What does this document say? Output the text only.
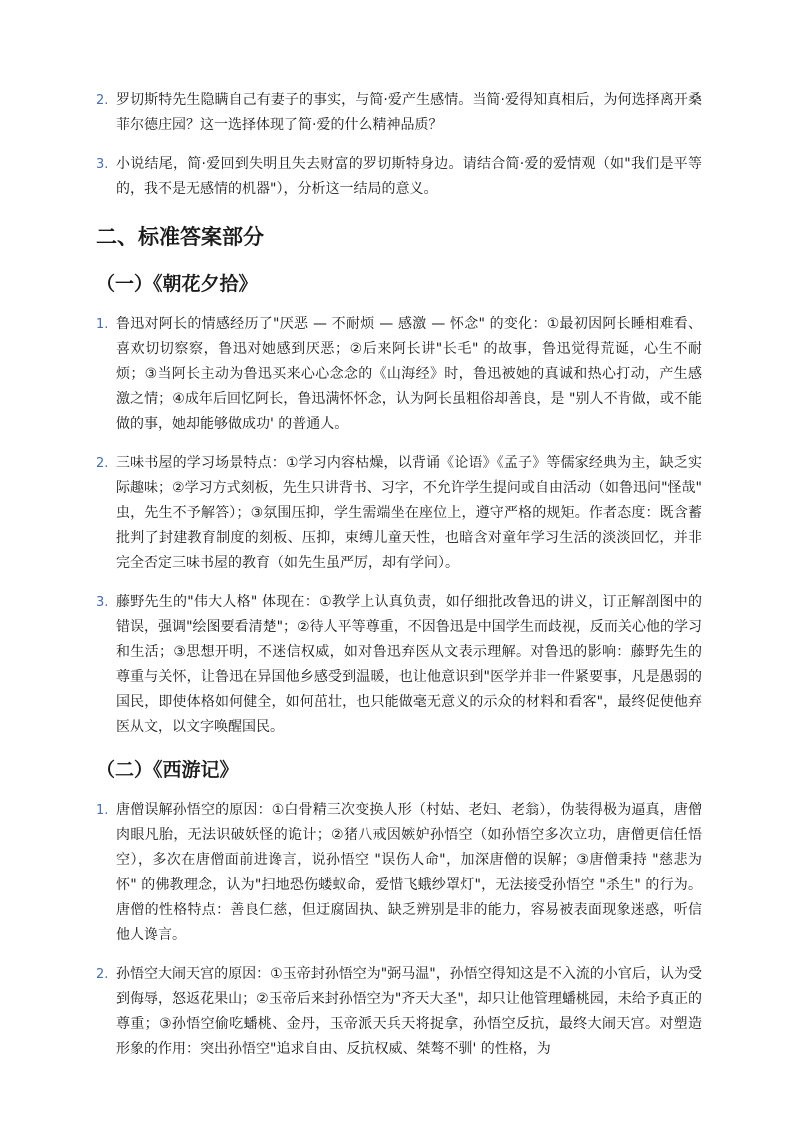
2. 罗切斯特先生隐瞒自己有妻子的事实，与简·爱产生感情。当简·爱得知真相后，为何选择离开桑菲尔德庄园？这一选择体现了简·爱的什么精神品质？
3. 小说结尾，简·爱回到失明且失去财富的罗切斯特身边。请结合简·爱的爱情观（如"我们是平等的，我不是无感情的机器"），分析这一结局的意义。
二、标准答案部分
（一）《朝花夕拾》
1. 鲁迅对阿长的情感经历了"厌恶 — 不耐烦 — 感激 — 怀念" 的变化：①最初因阿长睡相难看、喜欢切切察察，鲁迅对她感到厌恶；②后来阿长讲"长毛" 的故事，鲁迅觉得荒诞，心生不耐烦；③当阿长主动为鲁迅买来心心念念的《山海经》时，鲁迅被她的真诚和热心打动，产生感激之情；④成年后回忆阿长，鲁迅满怀怀念，认为阿长虽粗俗却善良，是 "别人不肯做，或不能做的事，她却能够做成功' 的普通人。
2. 三味书屋的学习场景特点：①学习内容枯燥，以背诵《论语》《孟子》等儒家经典为主，缺乏实际趣味；②学习方式刻板，先生只讲背书、习字，不允许学生提问或自由活动（如鲁迅问"怪哉" 虫，先生不予解答）；③氛围压抑，学生需端坐在座位上，遵守严格的规矩。作者态度：既含蓄批判了封建教育制度的刻板、压抑，束缚儿童天性，也暗含对童年学习生活的淡淡回忆，并非完全否定三味书屋的教育（如先生虽严厉，却有学问）。
3. 藤野先生的"伟大人格" 体现在：①教学上认真负责，如仔细批改鲁迅的讲义，订正解剖图中的错误，强调"绘图要看清楚"；②待人平等尊重，不因鲁迅是中国学生而歧视，反而关心他的学习和生活；③思想开明，不迷信权威，如对鲁迅弃医从文表示理解。对鲁迅的影响：藤野先生的尊重与关怀，让鲁迅在异国他乡感受到温暖，也让他意识到"医学并非一件紧要事，凡是愚弱的国民，即使体格如何健全，如何茁壮，也只能做毫无意义的示众的材料和看客"，最终促使他弃医从文，以文字唤醒国民。
（二）《西游记》
1. 唐僧误解孙悟空的原因：①白骨精三次变换人形（村姑、老妇、老翁），伪装得极为逼真，唐僧肉眼凡胎，无法识破妖怪的诡计；②猪八戒因嫉妒孙悟空（如孙悟空多次立功，唐僧更信任悟空），多次在唐僧面前进谗言，说孙悟空 "误伤人命"，加深唐僧的误解；③唐僧秉持 "慈悲为怀" 的佛教理念，认为"扫地恐伤蝼蚁命，爱惜飞蛾纱罩灯"，无法接受孙悟空 "杀生" 的行为。唐僧的性格特点：善良仁慈，但迂腐固执、缺乏辨别是非的能力，容易被表面现象迷惑，听信他人谗言。
2. 孙悟空大闹天宫的原因：①玉帝封孙悟空为"弼马温"，孙悟空得知这是不入流的小官后，认为受到侮辱，怒返花果山；②玉帝后来封孙悟空为"齐天大圣"，却只让他管理蟠桃园，未给予真正的尊重；③孙悟空偷吃蟠桃、金丹，玉帝派天兵天将捉拿，孙悟空反抗，最终大闹天宫。对塑造形象的作用：突出孙悟空"追求自由、反抗权威、桀骜不驯' 的性格，为
